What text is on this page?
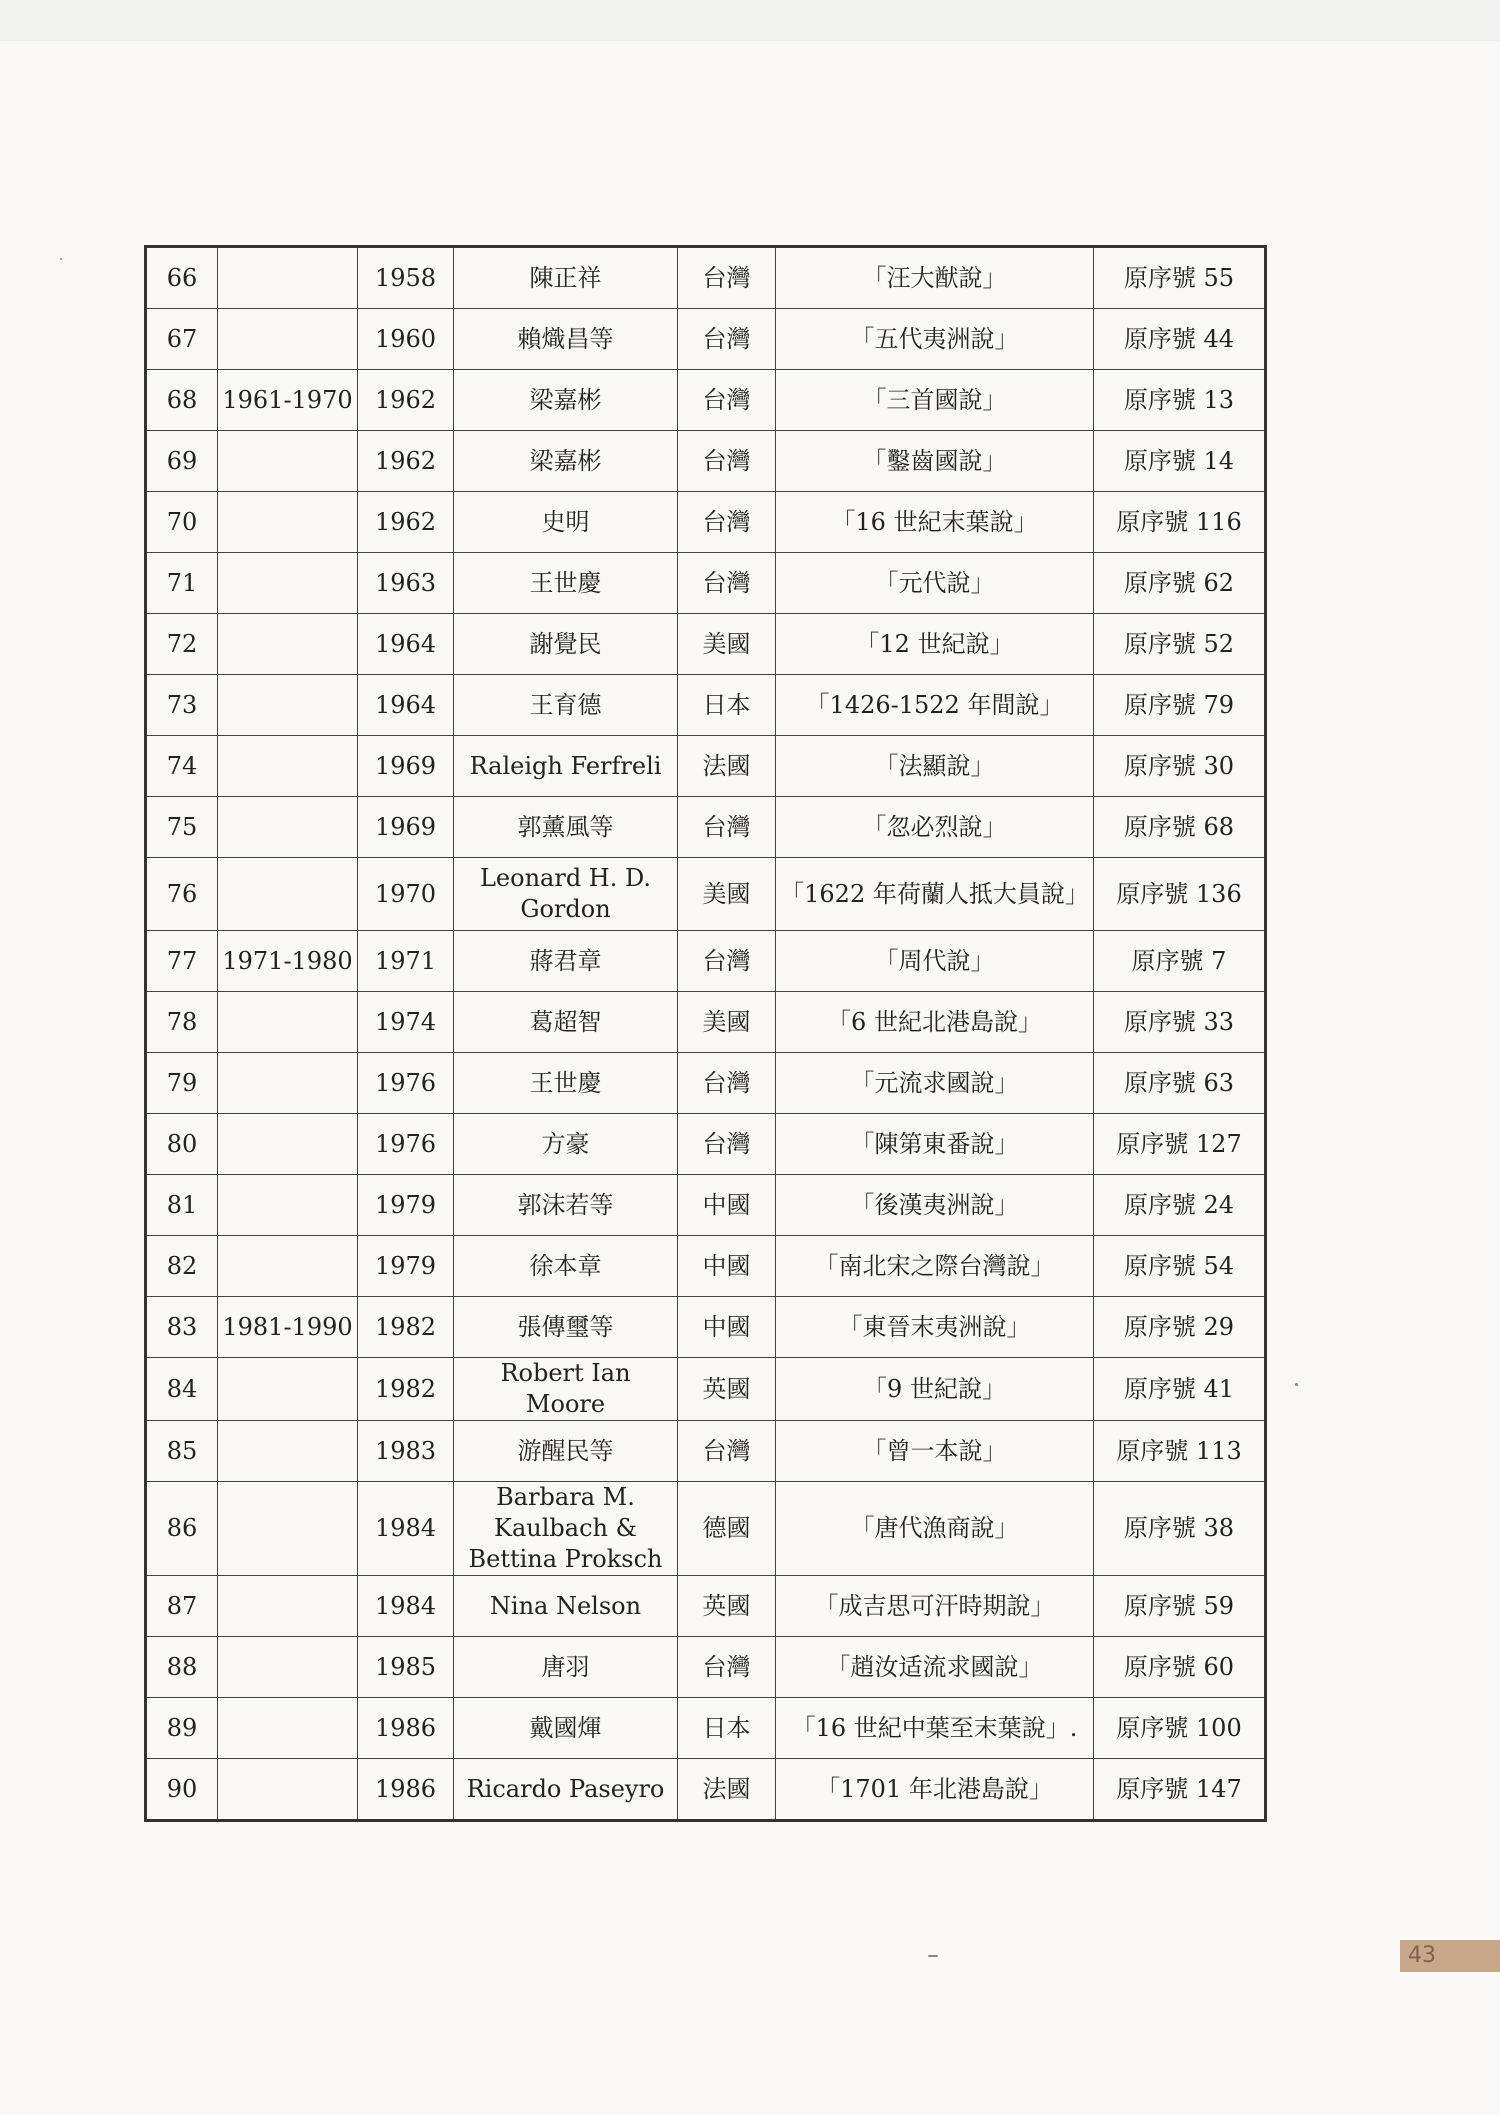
66		1958	陳正祥	台灣	「汪大猷說」	原序號 55
67		1960	賴熾昌等	台灣	「五代夷洲說」	原序號 44
68	1961-1970	1962	梁嘉彬	台灣	「三首國說」	原序號 13
69		1962	梁嘉彬	台灣	「鑿齒國說」	原序號 14
70		1962	史明	台灣	「16 世紀末葉說」	原序號 116
71		1963	王世慶	台灣	「元代說」	原序號 62
72		1964	謝覺民	美國	「12 世紀說」	原序號 52
73		1964	王育德	日本	「1426-1522 年間說」	原序號 79
74		1969	Raleigh Ferfreli	法國	「法顯說」	原序號 30
75		1969	郭薰風等	台灣	「忽必烈說」	原序號 68
76		1970	Leonard H. D. Gordon	美國	「1622 年荷蘭人抵大員說」	原序號 136
77	1971-1980	1971	蔣君章	台灣	「周代說」	原序號 7
78		1974	葛超智	美國	「6 世紀北港島說」	原序號 33
79		1976	王世慶	台灣	「元流求國說」	原序號 63
80		1976	方豪	台灣	「陳第東番說」	原序號 127
81		1979	郭沫若等	中國	「後漢夷洲說」	原序號 24
82		1979	徐本章	中國	「南北宋之際台灣說」	原序號 54
83	1981-1990	1982	張傳璽等	中國	「東晉末夷洲說」	原序號 29
84		1982	Robert Ian Moore	英國	「9 世紀說」	原序號 41
85		1983	游醒民等	台灣	「曾一本說」	原序號 113
86		1984	Barbara M. Kaulbach & Bettina Proksch	德國	「唐代漁商說」	原序號 38
87		1984	Nina Nelson	英國	「成吉思可汗時期說」	原序號 59
88		1985	唐羽	台灣	「趙汝适流求國說」	原序號 60
89		1986	戴國煇	日本	「16 世紀中葉至末葉說」.	原序號 100
90		1986	Ricardo Paseyro	法國	「1701 年北港島說」	原序號 147
43
